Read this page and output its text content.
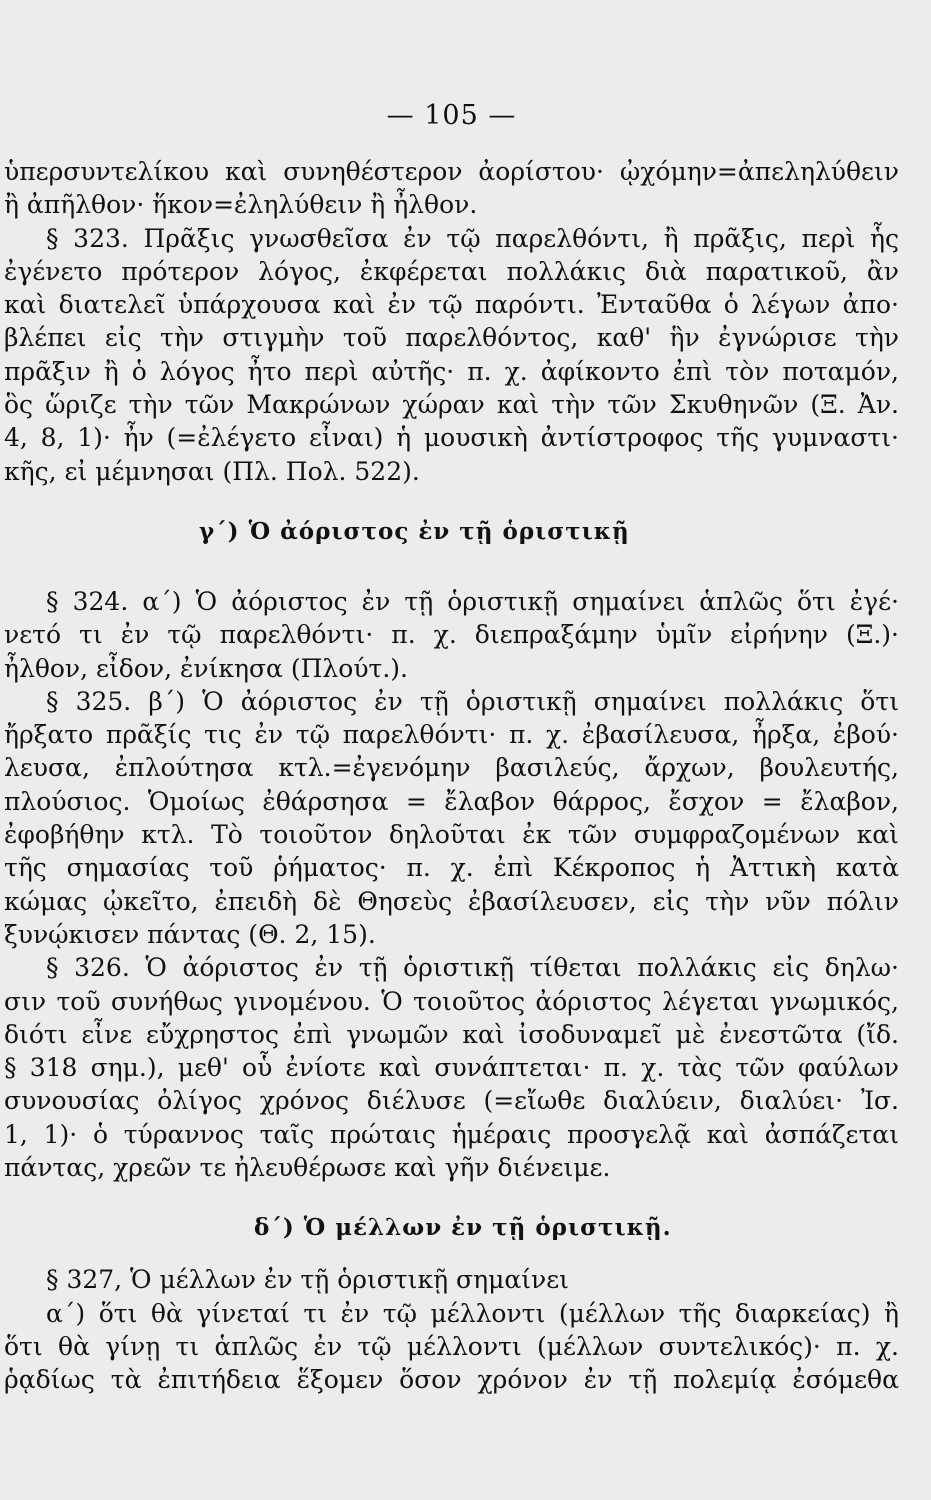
— 105 —
ὑπερσυντελίκου καὶ συνηθέστερον ἀορίστου· ᾠχόμην=ἀπεληλύθειν
ἢ ἀπῆλθον· ἥκον=ἐληλύθειν ἢ ἦλθον.
§ 323. Πρᾶξις γνωσθεῖσα ἐν τῷ παρελθόντι, ἢ πρᾶξις, περὶ ἧς
ἐγένετο πρότερον λόγος, ἐκφέρεται πολλάκις διὰ παρατικοῦ, ἂν
καὶ διατελεῖ ὑπάρχουσα καὶ ἐν τῷ παρόντι. Ἐνταῦθα ὁ λέγων ἀπο·
βλέπει εἰς τὴν στιγμὴν τοῦ παρελθόντος, καθ' ἣν ἐγνώρισε τὴν
πρᾶξιν ἢ ὁ λόγος ἦτο περὶ αὐτῆς· π. χ. ἀφίκοντο ἐπὶ τὸν ποταμόν,
ὃς ὥριζε τὴν τῶν Μακρώνων χώραν καὶ τὴν τῶν Σκυθηνῶν (Ξ. Ἀν.
4, 8, 1)· ἦν (=ἐλέγετο εἶναι) ἡ μουσικὴ ἀντίστροφος τῆς γυμναστι·
κῆς, εἰ μέμνησαι (Πλ. Πολ. 522).
γ΄) Ὁ ἀόριστος ἐν τῇ ὁριστικῇ
§ 324. α΄) Ὁ ἀόριστος ἐν τῇ ὁριστικῇ σημαίνει ἁπλῶς ὅτι ἐγέ·
νετό τι ἐν τῷ παρελθόντι· π. χ. διεπραξάμην ὑμῖν εἰρήνην (Ξ.)·
ἦλθον, εἶδον, ἐνίκησα (Πλούτ.).
§ 325. β΄) Ὁ ἀόριστος ἐν τῇ ὁριστικῇ σημαίνει πολλάκις ὅτι
ἤρξατο πρᾶξίς τις ἐν τῷ παρελθόντι· π. χ. ἐβασίλευσα, ἦρξα, ἐβού·
λευσα, ἐπλούτησα κτλ.=ἐγενόμην βασιλεύς, ἄρχων, βουλευτής,
πλούσιος. Ὁμοίως ἐθάρσησα = ἔλαβον θάρρος, ἔσχον = ἔλαβον,
ἐφοβήθην κτλ. Τὸ τοιοῦτον δηλοῦται ἐκ τῶν συμφραζομένων καὶ
τῆς σημασίας τοῦ ῥήματος· π. χ. ἐπὶ Κέκροπος ἡ Ἀττικὴ κατὰ
κώμας ᾠκεῖτο, ἐπειδὴ δὲ Θησεὺς ἐβασίλευσεν, εἰς τὴν νῦν πόλιν
ξυνῴκισεν πάντας (Θ. 2, 15).
§ 326. Ὁ ἀόριστος ἐν τῇ ὁριστικῇ τίθεται πολλάκις εἰς δηλω·
σιν τοῦ συνήθως γινομένου. Ὁ τοιοῦτος ἀόριστος λέγεται γνωμικός,
διότι εἶνε εὔχρηστος ἐπὶ γνωμῶν καὶ ἰσοδυναμεῖ μὲ ἐνεστῶτα (ἴδ.
§ 318 σημ.), μεθ' οὗ ἐνίοτε καὶ συνάπτεται· π. χ. τὰς τῶν φαύλων
συνουσίας ὀλίγος χρόνος διέλυσε (=εἴωθε διαλύειν, διαλύει· Ἰσ.
1, 1)· ὁ τύραννος ταῖς πρώταις ἡμέραις προσγελᾷ καὶ ἀσπάζεται
πάντας, χρεῶν τε ἠλευθέρωσε καὶ γῆν διένειμε.
δ΄) Ὁ μέλλων ἐν τῇ ὁριστικῇ.
§ 327, Ὁ μέλλων ἐν τῇ ὁριστικῇ σημαίνει
α΄) ὅτι θὰ γίνεταί τι ἐν τῷ μέλλοντι (μέλλων τῆς διαρκείας) ἢ
ὅτι θὰ γίνῃ τι ἁπλῶς ἐν τῷ μέλλοντι (μέλλων συντελικός)· π. χ.
ῥᾳδίως τὰ ἐπιτήδεια ἕξομεν ὅσον χρόνον ἐν τῇ πολεμίᾳ ἐσόμεθα
